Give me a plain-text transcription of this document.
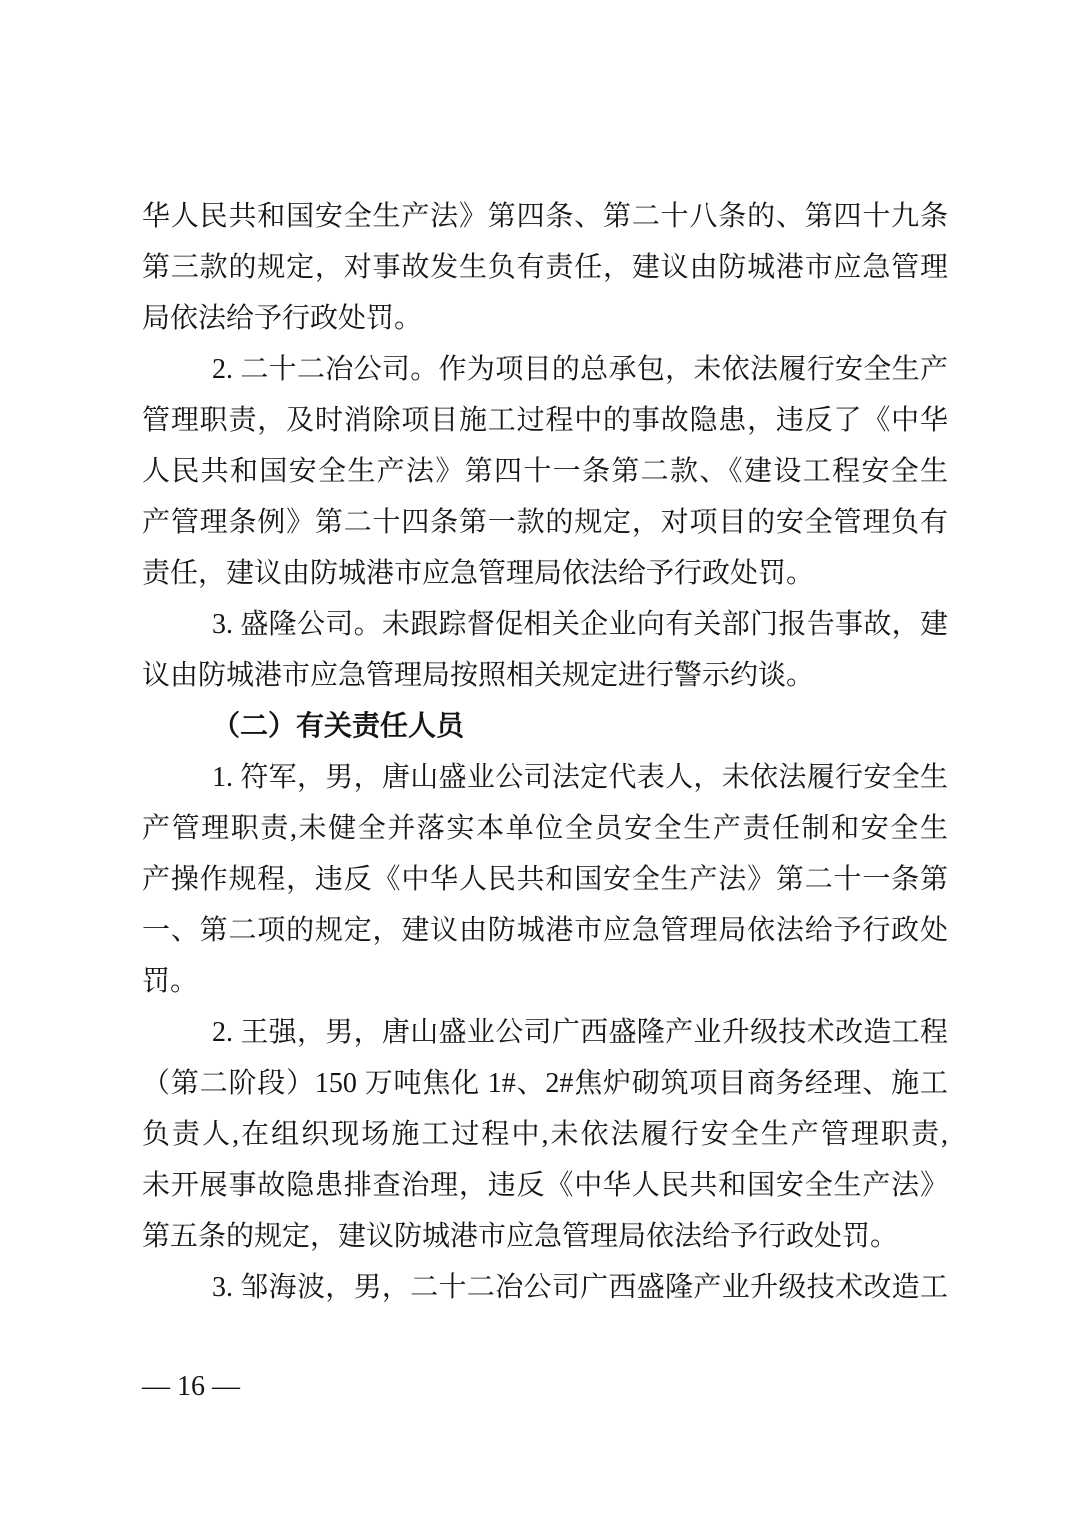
华人民共和国安全生产法》第四条、第二十八条的、第四十九条
第三款的规定，对事故发生负有责任，建议由防城港市应急管理
局依法给予行政处罚。
2. 二十二冶公司。作为项目的总承包，未依法履行安全生产
管理职责，及时消除项目施工过程中的事故隐患，违反了《中华
人民共和国安全生产法》第四十一条第二款、《建设工程安全生
产管理条例》第二十四条第一款的规定，对项目的安全管理负有
责任，建议由防城港市应急管理局依法给予行政处罚。
3. 盛隆公司。未跟踪督促相关企业向有关部门报告事故，建
议由防城港市应急管理局按照相关规定进行警示约谈。
（二）有关责任人员
1. 符军，男，唐山盛业公司法定代表人，未依法履行安全生
产管理职责,未健全并落实本单位全员安全生产责任制和安全生
产操作规程，违反《中华人民共和国安全生产法》第二十一条第
一、第二项的规定，建议由防城港市应急管理局依法给予行政处
罚。
2. 王强，男，唐山盛业公司广西盛隆产业升级技术改造工程
（第二阶段）150 万吨焦化 1#、2#焦炉砌筑项目商务经理、施工
负责人,在组织现场施工过程中,未依法履行安全生产管理职责,
未开展事故隐患排查治理，违反《中华人民共和国安全生产法》
第五条的规定，建议防城港市应急管理局依法给予行政处罚。
3. 邹海波，男，二十二冶公司广西盛隆产业升级技术改造工
— 16 —
